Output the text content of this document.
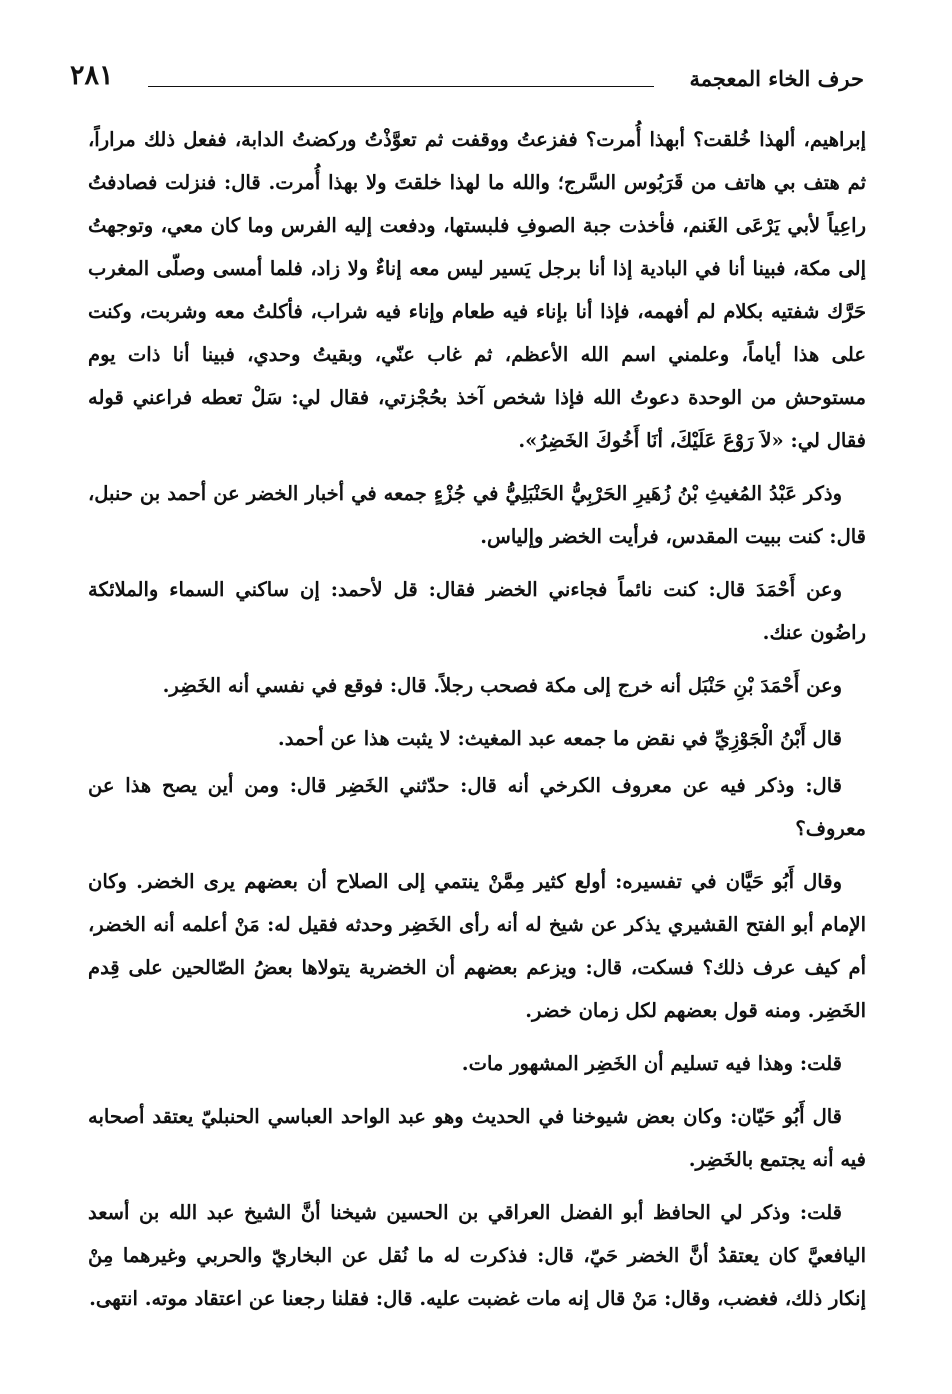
حرف الخاء المعجمة
٢٨١

إبراهيم، ألهذا خُلقت؟ أبهذا أُمرت؟ ففزعتُ ووقفت ثم تعوَّذْتُ وركضتُ الدابة، ففعل ذلك مراراً، ثم هتف بي هاتف من قَرَبُوس السَّرج؛ والله ما لهذا خلقتَ ولا بهذا أُمرت. قال: فنزلت فصادفتُ راعِياً لأبي يَرْعَى الغَنم، فأخذت جبة الصوفِ فلبستها، ودفعت إليه الفرس وما كان معي، وتوجهتُ إلى مكة، فبينا أنا في البادية إذا أنا برجل يَسير ليس معه إناءٌ ولا زاد، فلما أمسى وصلّى المغرب حَرَّك شفتيه بكلام لم أفهمه، فإذا أنا بإناء فيه طعام وإناء فيه شراب، فأكلتُ معه وشربت، وكنت على هذا أياماً، وعلمني اسم الله الأعظم، ثم غاب عنّي، وبقيتُ وحدي، فبينا أنا ذات يوم مستوحش من الوحدة دعوتُ الله فإذا شخص آخذ بحُجْزتي، فقال لي: سَلْ تعطه فراعني قوله فقال لي: «لاَ رَوْعَ عَلَيْكَ، أنَا أَخُوكَ الخَضِرُ».

وذكر عَبْدُ المُغيثِ بْنُ زُهَيرِ الحَرْبِيُّ الحَنْبَلِيُّ في جُزْءٍ جمعه في أخبار الخضر عن أحمد بن حنبل، قال: كنت ببيت المقدس، فرأيت الخضر وإلياس.

وعن أَحْمَدَ قال: كنت نائماً فجاءني الخضر فقال: قل لأحمد: إن ساكني السماء والملائكة راضُون عنك.

وعن أَحْمَدَ بْنِ حَنْبَل أنه خرج إلى مكة فصحب رجلاً. قال: فوقع في نفسي أنه الخَضِر.

قال أَبْنُ الْجَوْزِيِّ في نقض ما جمعه عبد المغيث: لا يثبت هذا عن أحمد.

قال: وذكر فيه عن معروف الكرخي أنه قال: حدّثني الخَضِر قال: ومن أين يصح هذا عن معروف؟

وقال أَبُو حَيَّان في تفسيره: أولع كثير مِمَّنْ ينتمي إلى الصلاح أن بعضهم يرى الخضر. وكان الإمام أبو الفتح القشيري يذكر عن شيخ له أنه رأى الخَضِر وحدثه فقيل له: مَنْ أعلمه أنه الخضر، أم كيف عرف ذلك؟ فسكت، قال: ويزعم بعضهم أن الخضرية يتولاها بعضُ الصّالحين على قِدم الخَضِر. ومنه قول بعضهم لكل زمان خضر.

قلت: وهذا فيه تسليم أن الخَضِر المشهور مات.

قال أَبُو حَيّان: وكان بعض شيوخنا في الحديث وهو عبد الواحد العباسي الحنبليّ يعتقد أصحابه فيه أنه يجتمع بالخَضِر.

قلت: وذكر لي الحافظ أبو الفضل العراقي بن الحسين شيخنا أنَّ الشيخ عبد الله بن أسعد اليافعيَّ كان يعتقدُ أنَّ الخضر حَيّ، قال: فذكرت له ما نُقل عن البخاريّ والحربي وغيرهما مِنْ إنكار ذلك، فغضب، وقال: مَنْ قال إنه مات غضبت عليه. قال: فقلنا رجعنا عن اعتقاد موته. انتهى.
